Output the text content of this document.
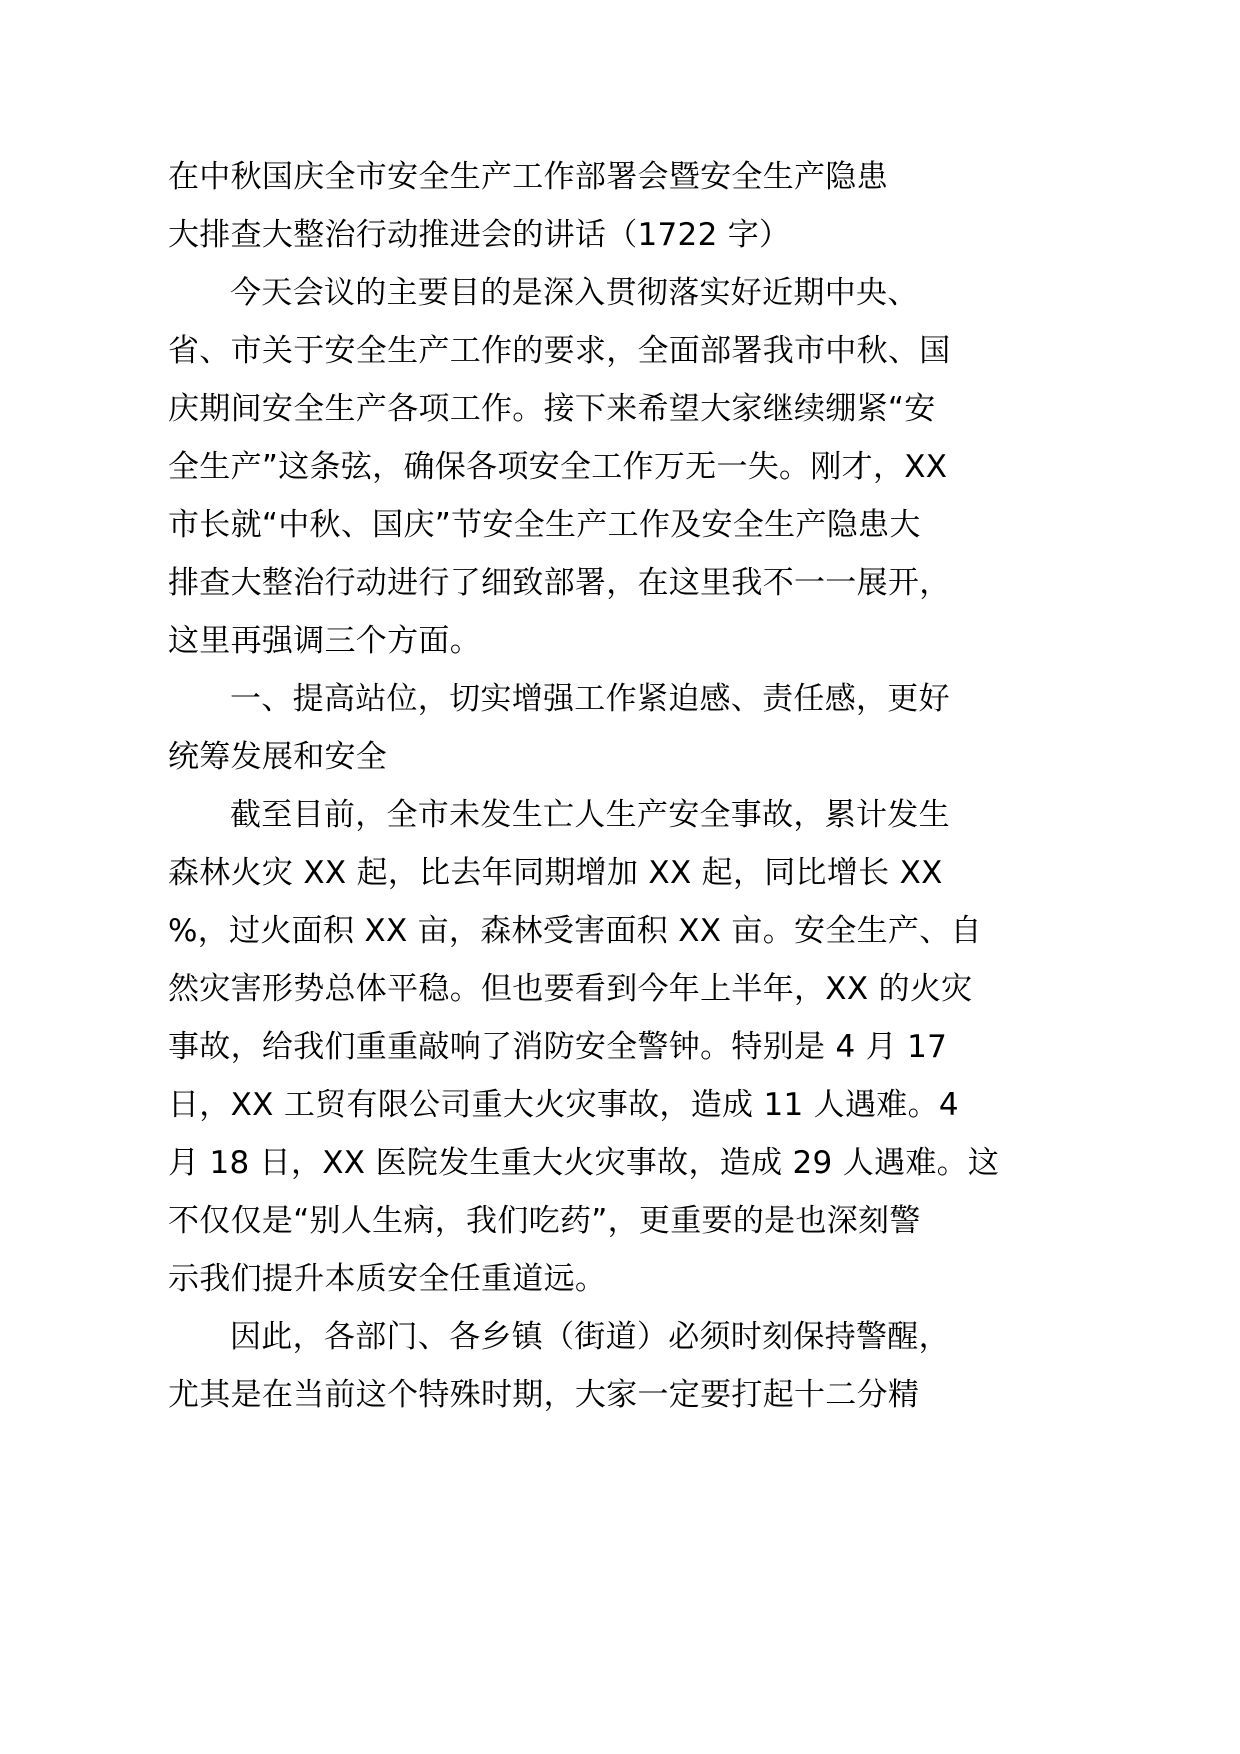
在中秋国庆全市安全生产工作部署会暨安全生产隐患
大排查大整治行动推进会的讲话（1722 字）
今天会议的主要目的是深入贯彻落实好近期中央、
省、市关于安全生产工作的要求，全面部署我市中秋、国
庆期间安全生产各项工作。接下来希望大家继续绷紧“安
全生产”这条弦，确保各项安全工作万无一失。刚才，XX
市长就“中秋、国庆”节安全生产工作及安全生产隐患大
排查大整治行动进行了细致部署，在这里我不一一展开，
这里再强调三个方面。
一、提高站位，切实增强工作紧迫感、责任感，更好
统筹发展和安全
截至目前，全市未发生亡人生产安全事故，累计发生
森林火灾 XX 起，比去年同期增加 XX 起，同比增长 XX
%，过火面积 XX 亩，森林受害面积 XX 亩。安全生产、自
然灾害形势总体平稳。但也要看到今年上半年，XX 的火灾
事故，给我们重重敲响了消防安全警钟。特别是 4 月 17
日，XX 工贸有限公司重大火灾事故，造成 11 人遇难。4
月 18 日，XX 医院发生重大火灾事故，造成 29 人遇难。这
不仅仅是“别人生病，我们吃药”，更重要的是也深刻警
示我们提升本质安全任重道远。
因此，各部门、各乡镇（街道）必须时刻保持警醒，
尤其是在当前这个特殊时期，大家一定要打起十二分精
